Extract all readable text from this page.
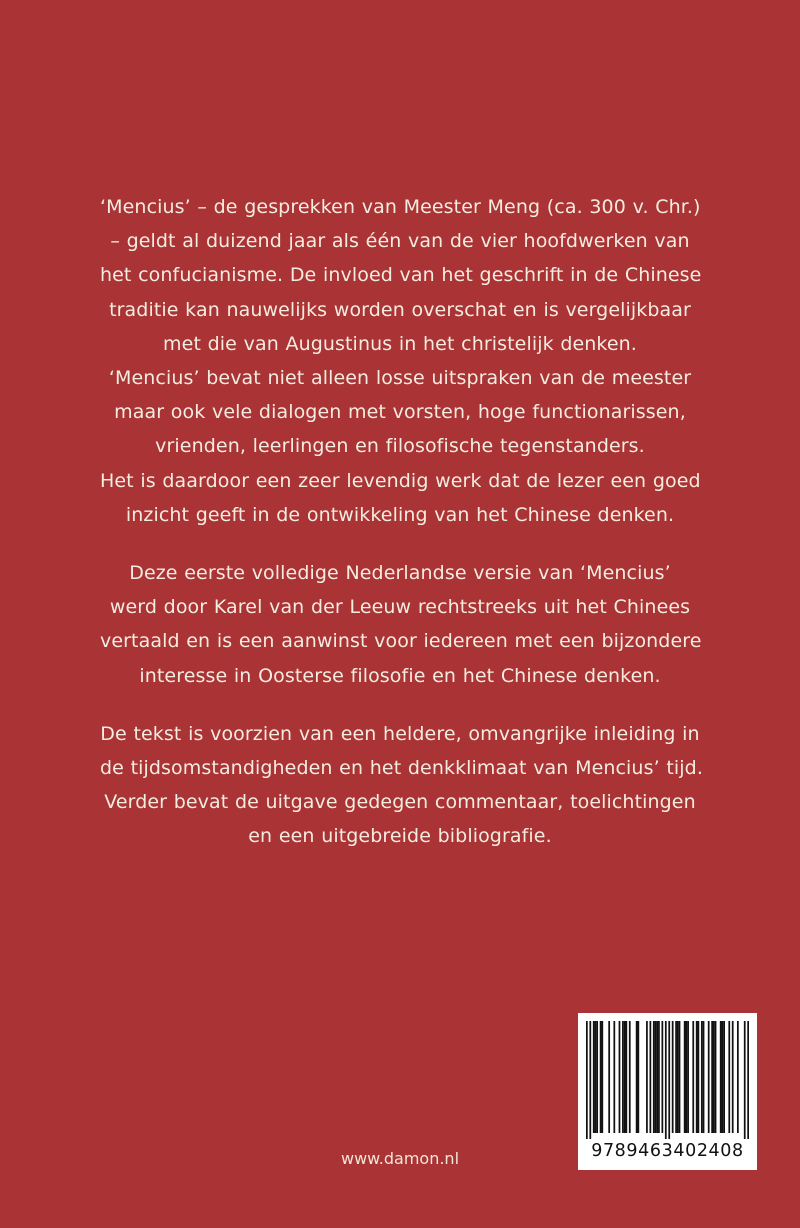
‘Mencius’ – de gesprekken van Meester Meng (ca. 300 v. Chr.)
– geldt al duizend jaar als één van de vier hoofdwerken van
het confucianisme. De invloed van het geschrift in de Chinese
traditie kan nauwelijks worden overschat en is vergelijkbaar
met die van Augustinus in het christelijk denken.
‘Mencius’ bevat niet alleen losse uitspraken van de meester
maar ook vele dialogen met vorsten, hoge functionarissen,
vrienden, leerlingen en filosofische tegenstanders.
Het is daardoor een zeer levendig werk dat de lezer een goed
inzicht geeft in de ontwikkeling van het Chinese denken.

Deze eerste volledige Nederlandse versie van ‘Mencius’
werd door Karel van der Leeuw rechtstreeks uit het Chinees
vertaald en is een aanwinst voor iedereen met een bijzondere
interesse in Oosterse filosofie en het Chinese denken.

De tekst is voorzien van een heldere, omvangrijke inleiding in
de tijdsomstandigheden en het denkklimaat van Mencius’ tijd.
Verder bevat de uitgave gedegen commentaar, toelichtingen
en een uitgebreide bibliografie.

www.damon.nl	9789463402408
